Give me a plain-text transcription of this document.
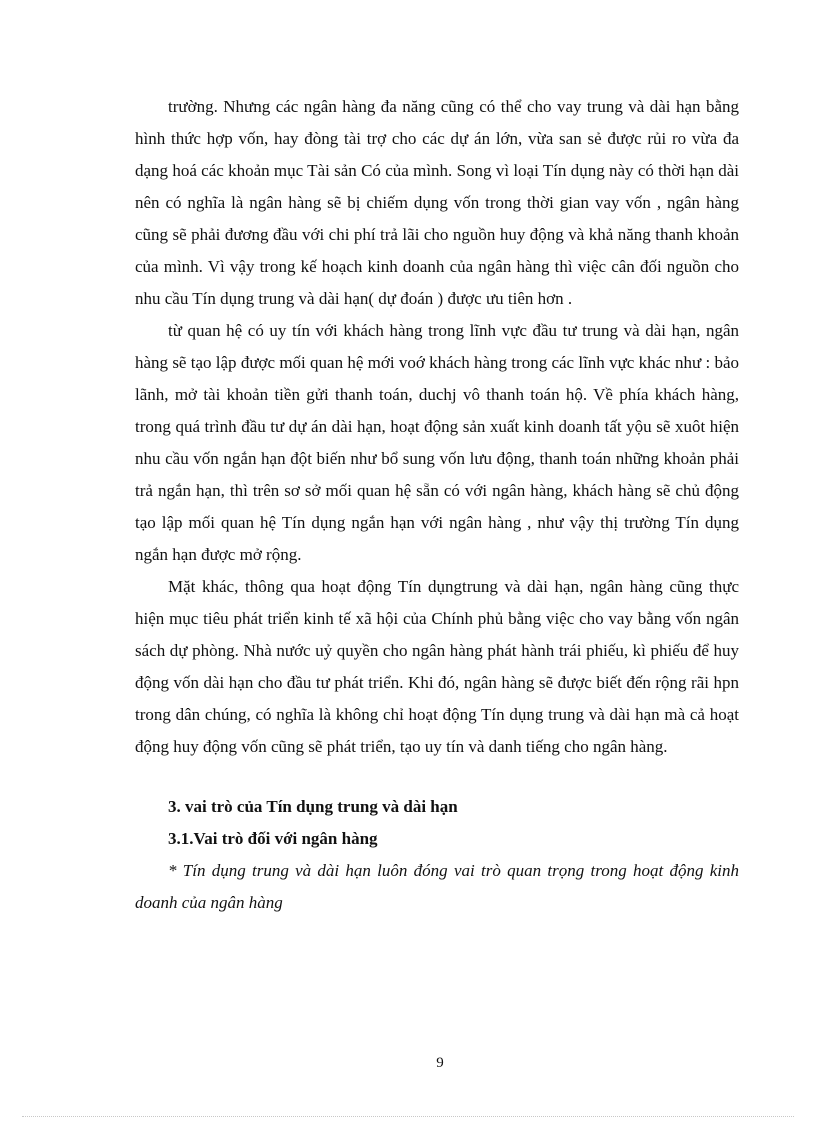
trường. Nhưng các ngân hàng đa năng cũng có thể cho vay trung và dài hạn bằng hình thức hợp vốn, hay đòng tài trợ cho các dự án lớn, vừa san sẻ được rủi ro vừa đa dạng hoá các khoản mục Tài sản Có của mình. Song vì loại Tín dụng này có thời hạn dài nên có nghĩa là ngân hàng sẽ bị chiếm dụng vốn trong thời gian vay vốn , ngân hàng cũng sẽ phải đương đầu với chi phí trả lãi cho nguồn huy động và khả năng thanh khoản của mình. Vì vậy trong kế hoạch kinh doanh của ngân hàng thì việc cân đối nguồn cho nhu cầu Tín dụng trung và dài hạn( dự đoán ) được ưu tiên hơn .

từ quan hệ có uy tín với khách hàng trong lĩnh vực đầu tư trung và dài hạn, ngân hàng sẽ tạo lập được mối quan hệ mới voớ khách hàng trong các lĩnh vực khác như : bảo lãnh, mở tài khoản tiền gửi thanh toán, duchj vô thanh toán hộ. Về phía khách hàng, trong quá trình đầu tư dự án dài hạn, hoạt động sản xuất kinh doanh tất yộu sẽ xuôt hiện nhu cầu vốn ngắn hạn đột biến như bổ sung vốn lưu động, thanh toán những khoản phải trả ngắn hạn, thì trên sơ sở mối quan hệ sẵn có với ngân hàng, khách hàng sẽ chủ động tạo lập mối quan hệ Tín dụng ngắn hạn với ngân hàng , như vậy thị trường Tín dụng ngắn hạn được mở rộng.

Mặt khác, thông qua hoạt động Tín dụngtrung và dài hạn, ngân hàng cũng thực hiện mục tiêu phát triển kinh tế xã hội của Chính phủ bằng việc cho vay bằng vốn ngân sách dự phòng. Nhà nước uỷ quyền cho ngân hàng phát hành trái phiếu, kì phiếu để huy động vốn dài hạn cho đầu tư phát triển. Khi đó, ngân hàng sẽ được biết đến rộng rãi hpn trong dân chúng, có nghĩa là không chỉ hoạt động Tín dụng trung và dài hạn mà cả hoạt động huy động vốn cũng sẽ phát triển, tạo uy tín và danh tiếng cho ngân hàng.

3. vai trò của Tín dụng trung và dài hạn

3.1.Vai trò đối với ngân hàng

* Tín dụng trung và dài hạn luôn đóng vai trò quan trọng trong hoạt động kinh doanh của ngân hàng

9
